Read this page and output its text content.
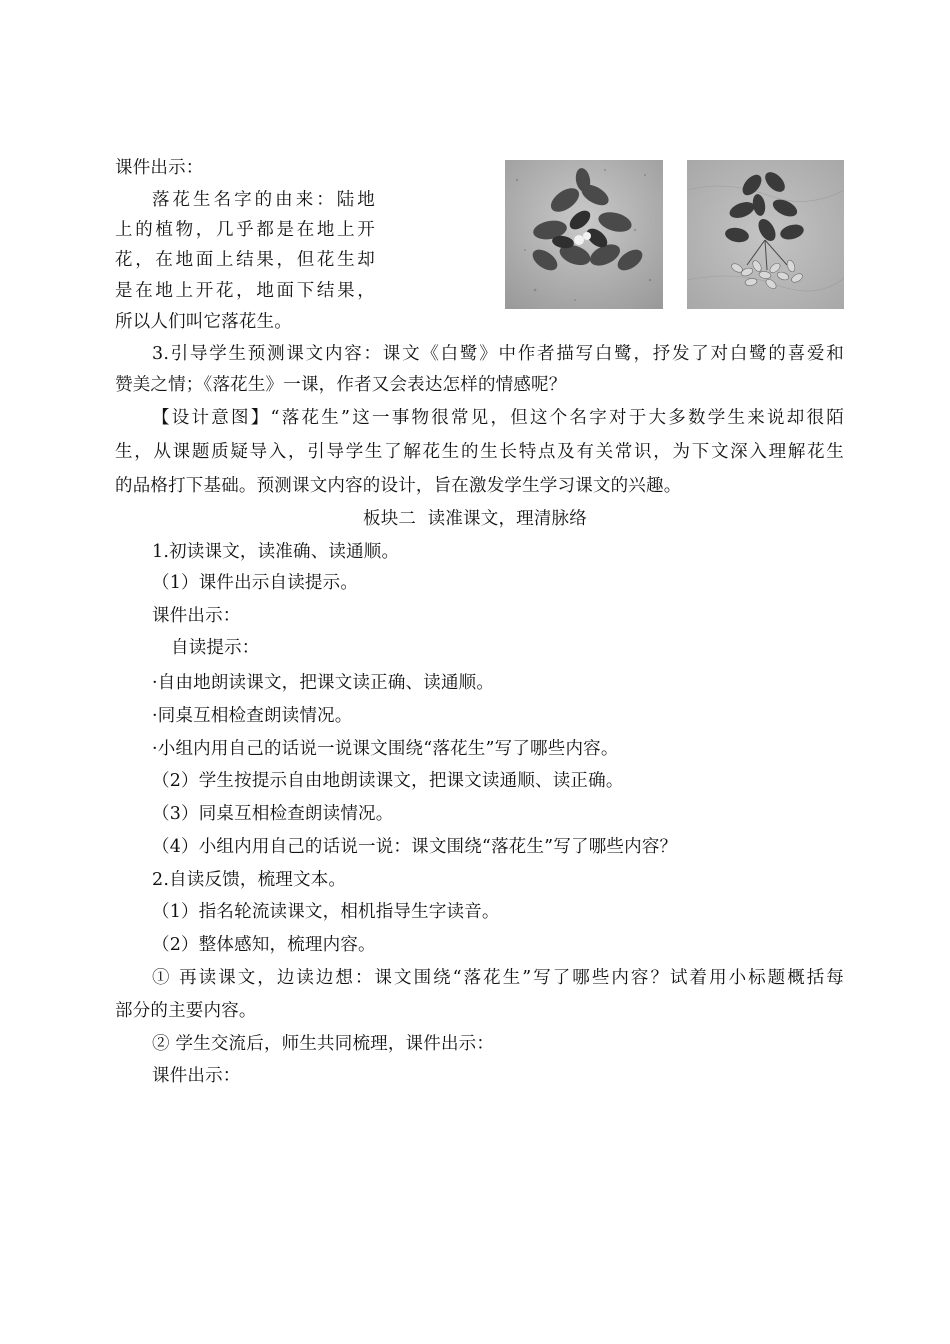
课件出示：
落花生名字的由来：陆地
上的植物，几乎都是在地上开
花，在地面上结果，但花生却
是在地上开花，地面下结果，
所以人们叫它落花生。
3.引导学生预测课文内容：课文《白鹭》中作者描写白鹭，抒发了对白鹭的喜爱和
赞美之情；《落花生》一课，作者又会表达怎样的情感呢？
【设计意图】“落花生”这一事物很常见，但这个名字对于大多数学生来说却很陌
生，从课题质疑导入，引导学生了解花生的生长特点及有关常识，为下文深入理解花生
的品格打下基础。预测课文内容的设计，旨在激发学生学习课文的兴趣。
板块二  读准课文，理清脉络
1.初读课文，读准确、读通顺。
（1）课件出示自读提示。
课件出示：
自读提示：
·自由地朗读课文，把课文读正确、读通顺。
·同桌互相检查朗读情况。
·小组内用自己的话说一说课文围绕“落花生”写了哪些内容。
（2）学生按提示自由地朗读课文，把课文读通顺、读正确。
（3）同桌互相检查朗读情况。
（4）小组内用自己的话说一说：课文围绕“落花生”写了哪些内容？
2.自读反馈，梳理文本。
（1）指名轮流读课文，相机指导生字读音。
（2）整体感知，梳理内容。
① 再读课文，边读边想：课文围绕“落花生”写了哪些内容？试着用小标题概括每
部分的主要内容。
② 学生交流后，师生共同梳理，课件出示：
课件出示：
